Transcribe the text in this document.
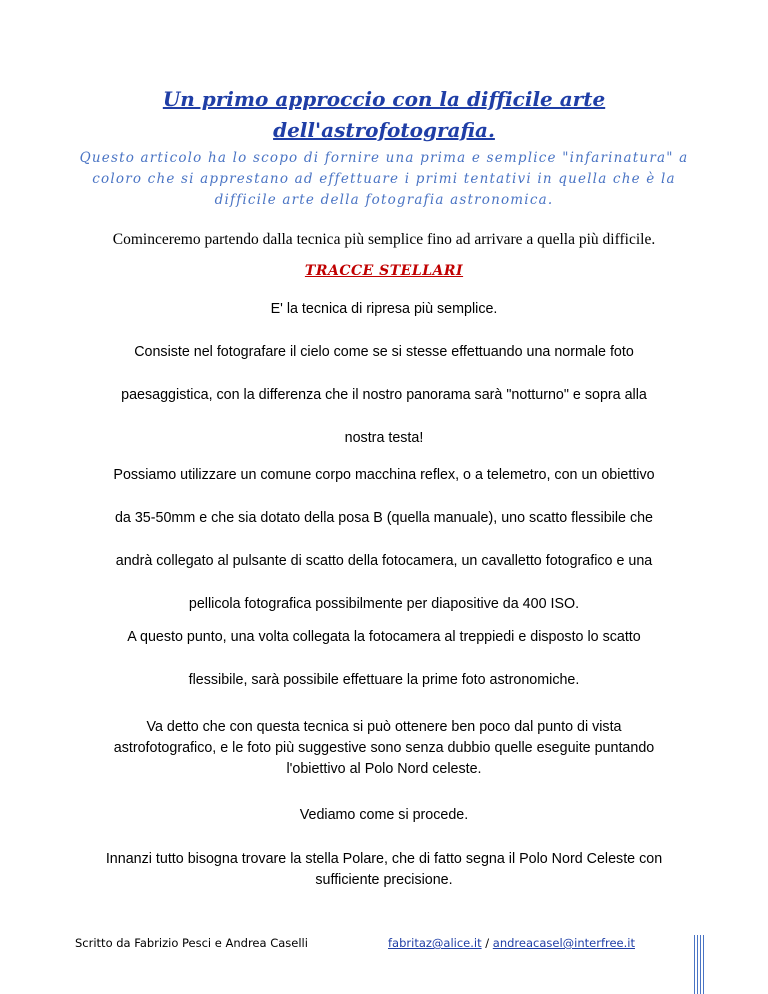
Un primo approccio con la difficile arte
dell'astrofotografia.
Questo articolo ha lo scopo di fornire una prima e semplice "infarinatura" a
coloro che si apprestano ad effettuare i primi tentativi in quella che è la
difficile arte della fotografia astronomica.
Cominceremo partendo dalla tecnica più semplice fino ad arrivare a quella più difficile.
TRACCE STELLARI
E' la tecnica di ripresa più semplice.
Consiste nel fotografare il cielo come se si stesse effettuando una normale foto
paesaggistica, con la differenza che il nostro panorama sarà "notturno" e sopra alla
nostra testa!
Possiamo utilizzare un comune corpo macchina reflex, o a telemetro, con un obiettivo
da 35-50mm e che sia dotato della posa B (quella manuale), uno scatto flessibile che
andrà collegato al pulsante di scatto della fotocamera, un cavalletto fotografico e una
pellicola fotografica possibilmente per diapositive da 400 ISO.
A questo punto, una volta collegata la fotocamera al treppiedi e disposto lo scatto
flessibile, sarà possibile effettuare la prime foto astronomiche.
Va detto che con questa tecnica si può ottenere ben poco dal punto di vista
astrofotografico, e le foto più suggestive sono senza dubbio quelle eseguite puntando
l'obiettivo al Polo Nord celeste.
Vediamo come si procede.
Innanzi tutto bisogna trovare la stella Polare, che di fatto segna il Polo Nord Celeste con
sufficiente precisione.
Scritto da Fabrizio Pesci e Andrea Caselli	fabritaz@alice.it / andreacasel@interfree.it
